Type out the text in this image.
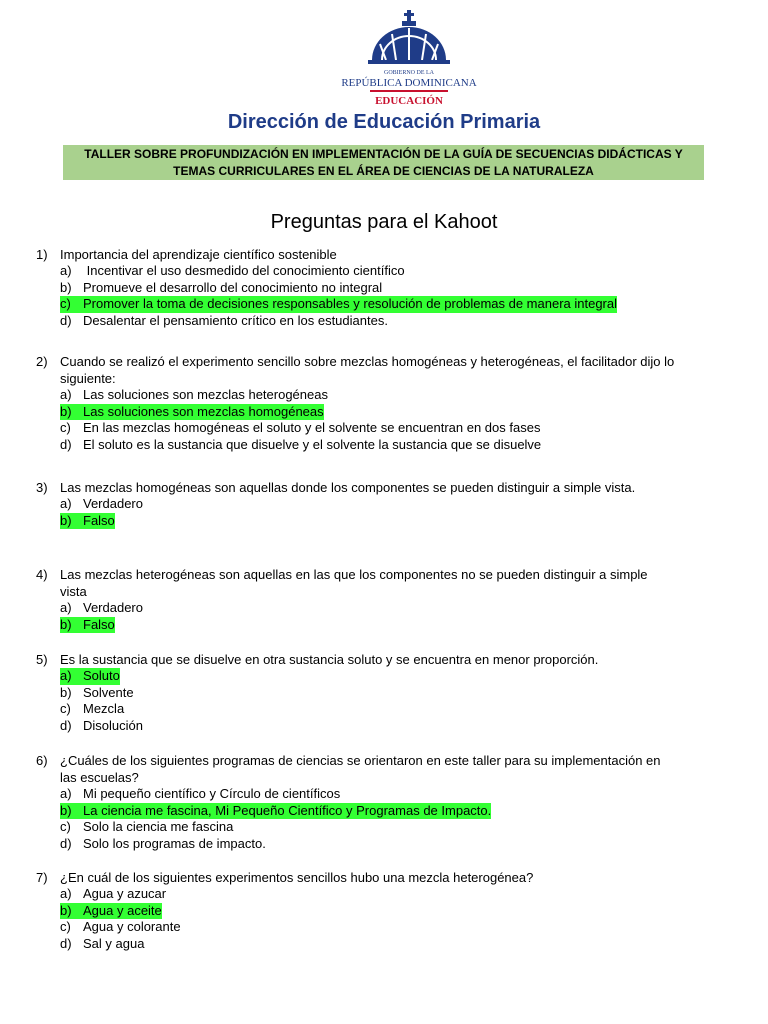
GOBIERNO DE LA
REPÚBLICA DOMINICANA
EDUCACIÓN
Dirección de Educación Primaria
TALLER SOBRE PROFUNDIZACIÓN EN IMPLEMENTACIÓN DE LA GUÍA DE SECUENCIAS DIDÁCTICAS Y TEMAS CURRICULARES EN EL ÁREA DE CIENCIAS DE LA NATURALEZA
Preguntas para el Kahoot
1) Importancia del aprendizaje científico sostenible
a) Incentivar el uso desmedido del conocimiento científico
b) Promueve el desarrollo del conocimiento no integral
c) Promover la toma de decisiones responsables y resolución de problemas de manera integral
d) Desalentar el pensamiento crítico en los estudiantes.
2) Cuando se realizó el experimento sencillo sobre mezclas homogéneas y heterogéneas, el facilitador dijo lo siguiente:
a) Las soluciones son mezclas heterogéneas
b) Las soluciones son mezclas homogéneas
c) En las mezclas homogéneas el soluto y el solvente se encuentran en dos fases
d) El soluto es la sustancia que disuelve y el solvente la sustancia que se disuelve
3) Las mezclas homogéneas son aquellas donde los componentes se pueden distinguir a simple vista.
a) Verdadero
b) Falso
4) Las mezclas heterogéneas son aquellas en las que los componentes no se pueden distinguir a simple vista
a) Verdadero
b) Falso
5) Es la sustancia que se disuelve en otra sustancia soluto y se encuentra en menor proporción.
a) Soluto
b) Solvente
c) Mezcla
d) Disolución
6) ¿Cuáles de los siguientes programas de ciencias se orientaron en este taller para su implementación en las escuelas?
a) Mi pequeño científico y Círculo de científicos
b) La ciencia me fascina, Mi Pequeño Científico y Programas de Impacto.
c) Solo la ciencia me fascina
d) Solo los programas de impacto.
7) ¿En cuál de los siguientes experimentos sencillos hubo una mezcla heterogénea?
a) Agua y azucar
b) Agua y aceite
c) Agua y colorante
d) Sal y agua
